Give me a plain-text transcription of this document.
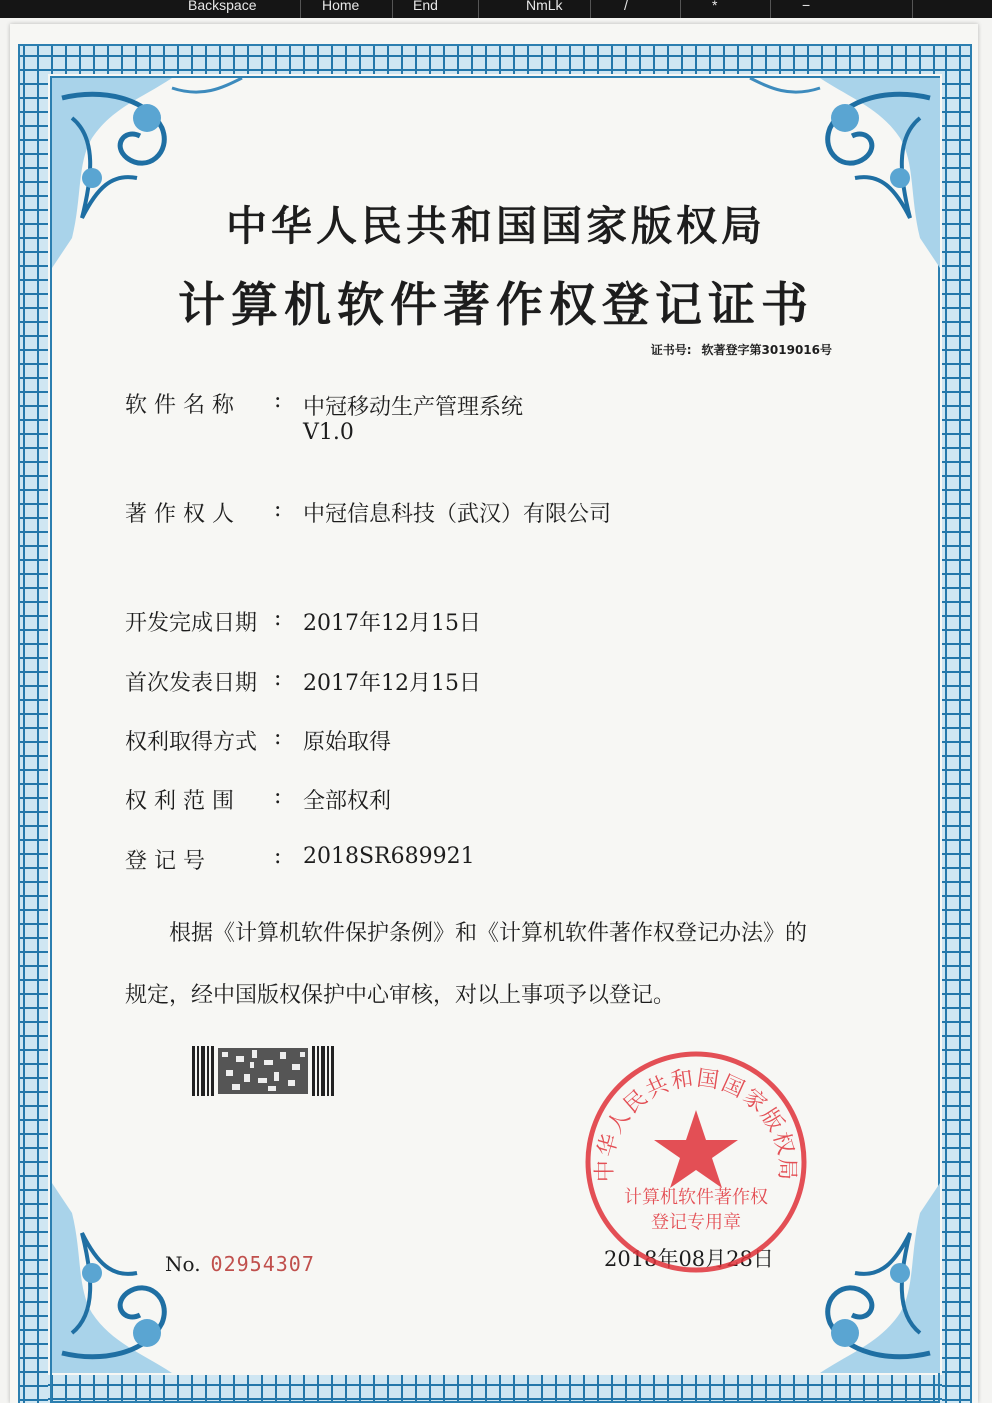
Backspace	Home	End	NmLk	/	*	−
中华人民共和国国家版权局
计算机软件著作权登记证书
证书号: 软著登字第3019016号
软 件 名 称	: 中冠移动生产管理系统
V1.0
著 作 权 人	: 中冠信息科技（武汉）有限公司
开发完成日期 : 2017年12月15日
首次发表日期 : 2017年12月15日
权利取得方式 : 原始取得
权 利 范 围	: 全部权利
登 记 号	: 2018SR689921

根据《计算机软件保护条例》和《计算机软件著作权登记办法》的

规定，经中国版权保护中心审核，对以上事项予以登记。

No. 02954307	2018年08月28日
中华人民共和国国家版权局
计算机软件著作权
登记专用章
